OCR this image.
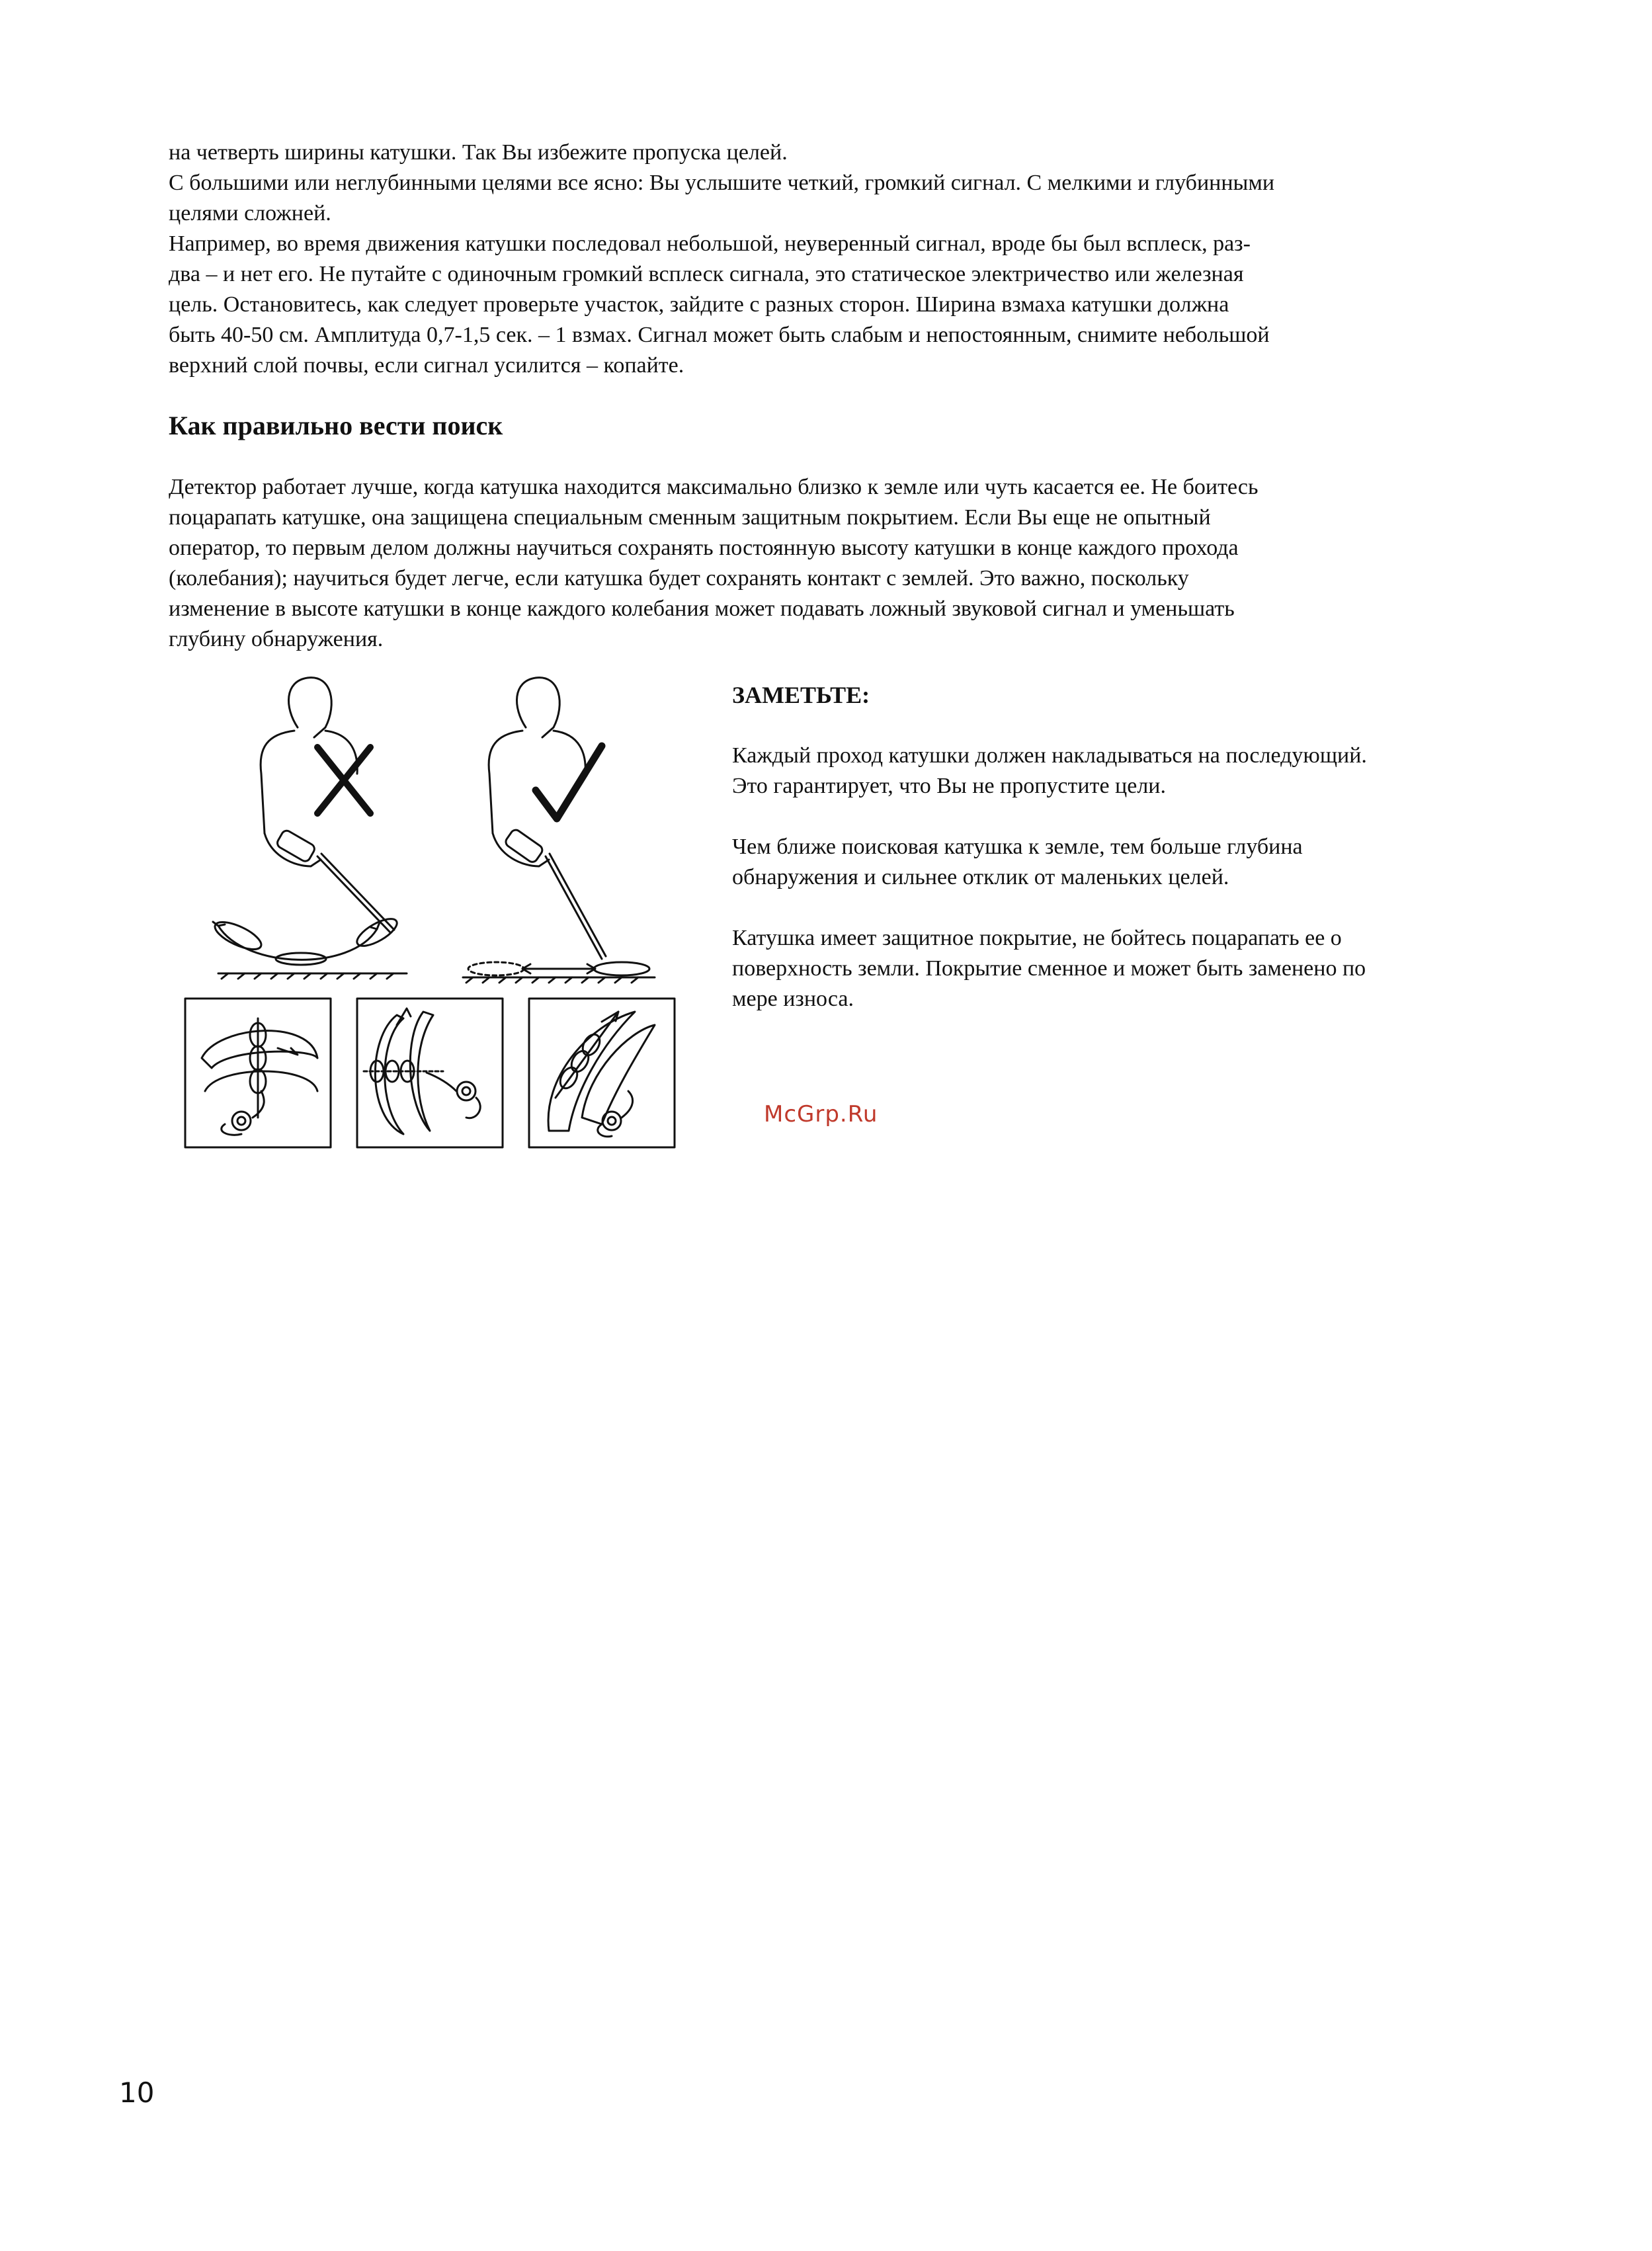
на четверть ширины катушки. Так Вы избежите пропуска целей.
С большими или неглубинными целями все ясно: Вы услышите четкий, громкий сигнал. С мелкими и глубинными
целями сложней.
Например, во время движения катушки последовал небольшой, неуверенный сигнал, вроде бы был всплеск, раз-
два – и нет его. Не путайте с одиночным громкий всплеск сигнала, это статическое электричество или железная
цель. Остановитесь, как следует проверьте участок, зайдите с разных сторон. Ширина взмаха катушки должна
быть 40-50 см. Амплитуда 0,7-1,5 сек. – 1 взмах. Сигнал может быть слабым и непостоянным, снимите небольшой
верхний слой почвы, если сигнал усилится – копайте.
Как правильно вести поиск
Детектор работает лучше, когда катушка находится максимально близко к земле или чуть касается ее. Не боитесь
поцарапать катушке, она защищена специальным сменным защитным покрытием. Если Вы еще не опытный
оператор, то первым делом должны научиться сохранять постоянную высоту катушки в конце каждого прохода
(колебания); научиться будет легче, если катушка будет сохранять контакт с землей. Это важно, поскольку
изменение в высоте катушки в конце каждого колебания может подавать ложный звуковой сигнал и уменьшать
глубину обнаружения.
ЗАМЕТЬТЕ:

Каждый проход катушки должен накладываться на последующий.
Это гарантирует, что Вы не пропустите цели.

Чем ближе поисковая катушка к земле, тем больше глубина
обнаружения и сильнее отклик от маленьких целей.

Катушка имеет защитное покрытие, не бойтесь поцарапать ее о
поверхность земли. Покрытие сменное и может быть заменено по
мере износа.

McGrp.Ru
10
